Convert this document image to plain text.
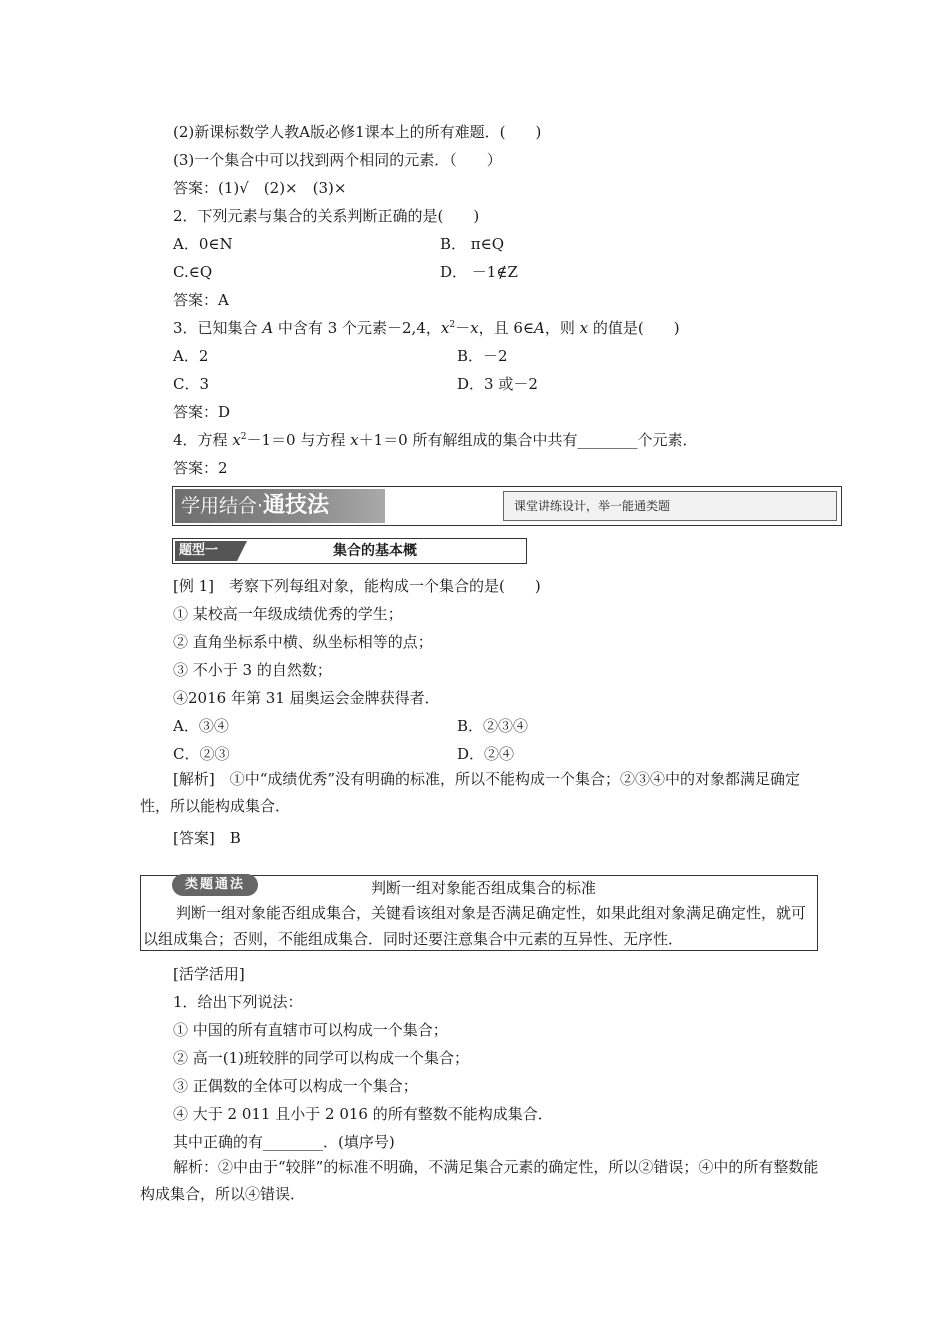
(2)新课标数学人教A版必修1课本上的所有难题．(　　)
(3)一个集合中可以找到两个相同的元素．（　　）
答案：(1)√　(2)×　(3)×
2．下列元素与集合的关系判断正确的是(　　)
A．0∈N	B． π∈Q
C.∈Q	D． －1∉Z
答案：A
3．已知集合 A 中含有 3 个元素－2,4，$x^2-x$，且 6∈A，则 x 的值是(　　)
A．2	B．－2
C．3	D．3 或－2
答案：D
4．方程 $x^2-1=0$ 与方程 x＋1＝0 所有解组成的集合中共有________个元素．
答案：2
学用结合·通技法	课堂讲练设计，举一能通类题
题型一	集合的基本概
[例 1]　考察下列每组对象，能构成一个集合的是(　　)
① 某校高一年级成绩优秀的学生；
② 直角坐标系中横、纵坐标相等的点；
③ 不小于 3 的自然数；
④2016 年第 31 届奥运会金牌获得者．
A．③④	B．②③④
C．②③	D．②④
[解析]　①中“成绩优秀”没有明确的标准，所以不能构成一个集合；②③④中的对象都满足确定性，所以能构成集合．
[答案]　B
类题通法	判断一组对象能否组成集合的标准
判断一组对象能否组成集合，关键看该组对象是否满足确定性，如果此组对象满足确定性，就可以组成集合；否则，不能组成集合．同时还要注意集合中元素的互异性、无序性．
[活学活用]
1．给出下列说法：
① 中国的所有直辖市可以构成一个集合；
② 高一(1)班较胖的同学可以构成一个集合；
③ 正偶数的全体可以构成一个集合；
④ 大于 2 011 且小于 2 016 的所有整数不能构成集合．
其中正确的有________．(填序号)
解析：②中由于“较胖”的标准不明确，不满足集合元素的确定性，所以②错误；④中的所有整数能构成集合，所以④错误．
